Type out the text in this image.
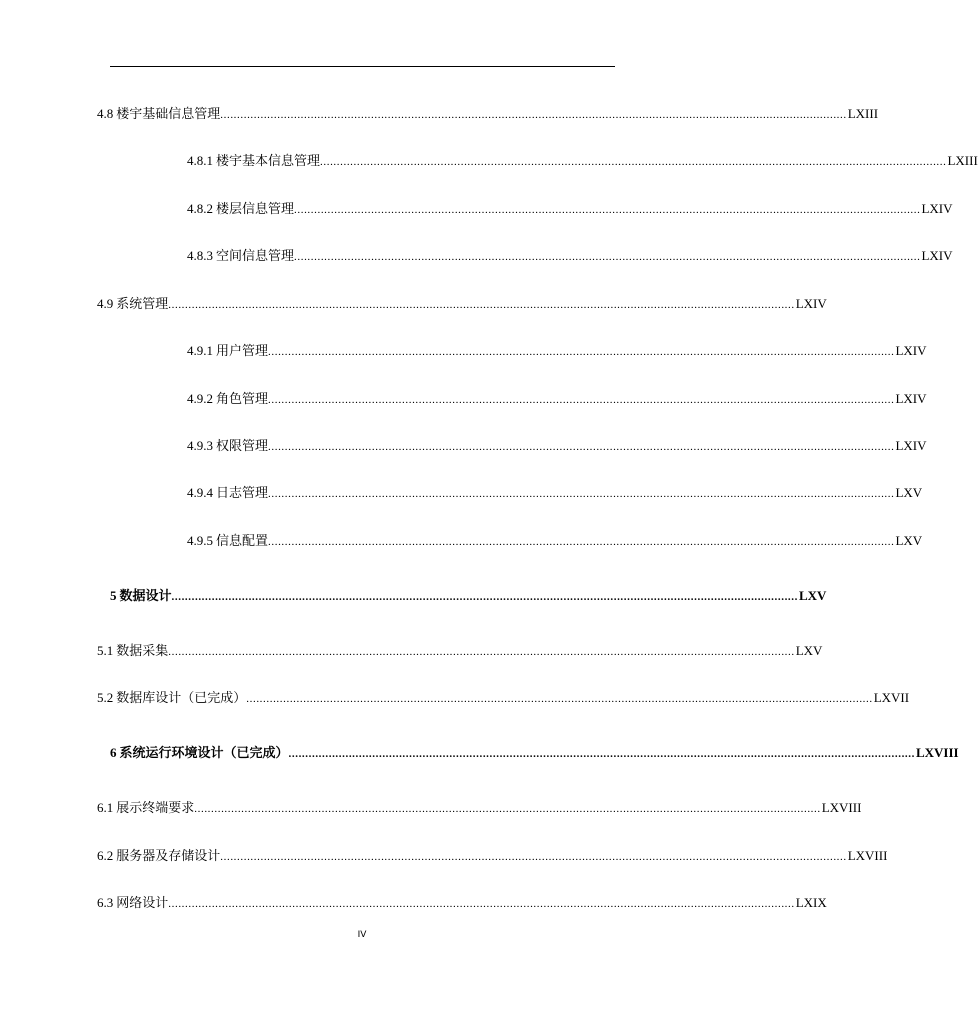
4.8 楼宇基础信息管理 ........................................................................................................................................................................................... LXIII
4.8.1 楼宇基本信息管理 ........................................................................................................................................................................................... LXIII
4.8.2 楼层信息管理 ........................................................................................................................................................................................... LXIV
4.8.3 空间信息管理 ........................................................................................................................................................................................... LXIV
4.9 系统管理 ........................................................................................................................................................................................... LXIV
4.9.1 用户管理 ........................................................................................................................................................................................... LXIV
4.9.2 角色管理 ........................................................................................................................................................................................... LXIV
4.9.3 权限管理 ........................................................................................................................................................................................... LXIV
4.9.4 日志管理 ........................................................................................................................................................................................... LXV
4.9.5 信息配置 ........................................................................................................................................................................................... LXV
5 数据设计 ........................................................................................................................................................................................... LXV
5.1 数据采集 ........................................................................................................................................................................................... LXV
5.2 数据库设计（已完成） ........................................................................................................................................................................................... LXVII
6 系统运行环境设计（已完成） ........................................................................................................................................................................................... LXVIII
6.1 展示终端要求 ........................................................................................................................................................................................... LXVIII
6.2 服务器及存储设计 ........................................................................................................................................................................................... LXVIII
6.3 网络设计 ........................................................................................................................................................................................... LXIX
IV
